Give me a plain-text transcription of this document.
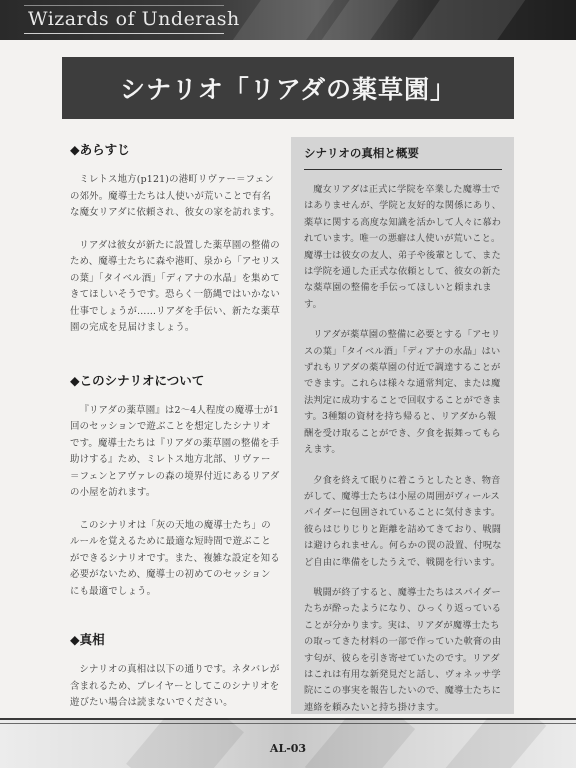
Wizards of Underash
シナリオ「リアダの薬草園」
◆あらすじ

ミレトス地方(p121)の港町リヴァー＝フェンの郊外。魔導士たちは人使いが荒いことで有名な魔女リアダに依頼され、彼女の家を訪れます。

リアダは彼女が新たに設置した薬草園の整備のため、魔導士たちに森や港町、泉から「アセリスの葉」「タイベル酒」「ディアナの水晶」を集めてきてほしいそうです。恐らく一筋縄ではいかない仕事でしょうが……リアダを手伝い、新たな薬草園の完成を見届けましょう。

◆このシナリオについて

『リアダの薬草園』は2～4人程度の魔導士が1回のセッションで遊ぶことを想定したシナリオです。魔導士たちは『リアダの薬草園の整備を手助けする』ため、ミレトス地方北部、リヴァー＝フェンとアヴァレの森の境界付近にあるリアダの小屋を訪れます。

このシナリオは「灰の天地の魔導士たち」のルールを覚えるために最適な短時間で遊ぶことができるシナリオです。また、複雑な設定を知る必要がないため、魔導士の初めてのセッションにも最適でしょう。

◆真相

シナリオの真相は以下の通りです。ネタバレが含まれるため、プレイヤーとしてこのシナリオを遊びたい場合は読まないでください。

シナリオの真相と概要

魔女リアダは正式に学院を卒業した魔導士ではありませんが、学院と友好的な関係にあり、薬草に関する高度な知識を活かして人々に慕われています。唯一の悪癖は人使いが荒いこと。魔導士は彼女の友人、弟子や後輩として、または学院を通した正式な依頼として、彼女の新たな薬草園の整備を手伝ってほしいと頼まれます。

リアダが薬草園の整備に必要とする「アセリスの葉」「タイベル酒」「ディアナの水晶」はいずれもリアダの薬草園の付近で調達することができます。これらは様々な通常判定、または魔法判定に成功することで回収することができます。3種類の資材を持ち帰ると、リアダから報酬を受け取ることができ、夕食を振舞ってもらえます。

夕食を終えて眠りに着こうとしたとき、物音がして、魔導士たちは小屋の周囲がヴィールスパイダーに包囲されていることに気付きます。彼らはじりじりと距離を詰めてきており、戦闘は避けられません。何らかの罠の設置、付呪など自由に準備をしたうえで、戦闘を行います。

戦闘が終了すると、魔導士たちはスパイダーたちが酔ったようになり、ひっくり返っていることが分かります。実は、リアダが魔導士たちの取ってきた材料の一部で作っていた軟膏の由す匂が、彼らを引き寄せていたのです。リアダはこれは有用な新発見だと話し、ヴォネッサ学院にこの事実を報告したいので、魔導士たちに連絡を頼みたいと持ち掛けます。

AL-03
